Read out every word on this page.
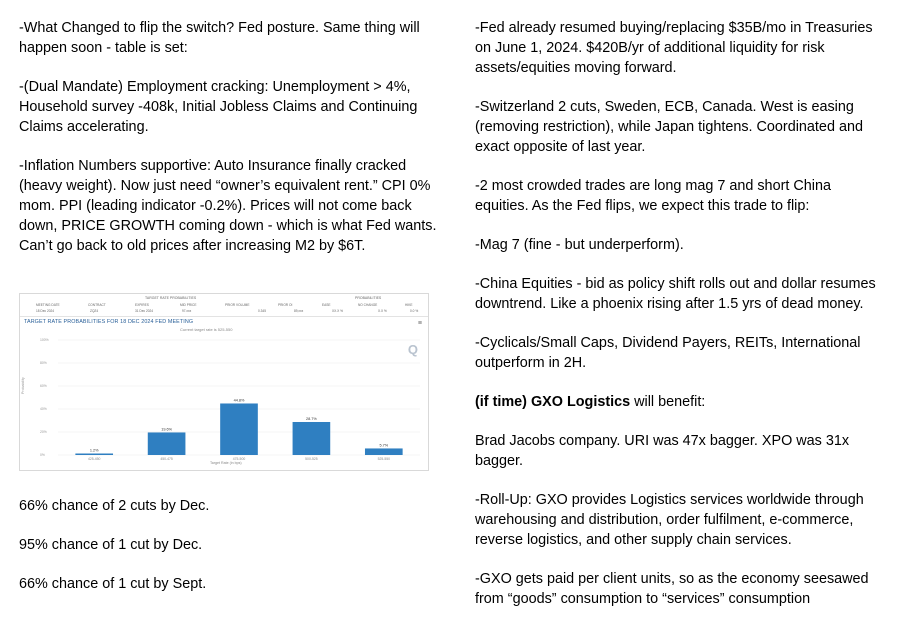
-What Changed to flip the switch? Fed posture. Same thing will happen soon - table is set:

-(Dual Mandate) Employment cracking: Unemployment > 4%, Household survey -408k, Initial Jobless Claims and Continuing Claims accelerating.

-Inflation Numbers supportive: Auto Insurance finally cracked (heavy weight). Now just need “owner’s equivalent rent.” CPI 0% mom. PPI (leading indicator -0.2%). Prices will not come back down, PRICE GROWTH coming down - which is what Fed wants. Can’t go back to old prices after increasing M2 by $6T.

TARGET RATE PROBABILITIES	PROBABILITIES
MEETING DATE	CONTRACT	EXPIRES	MID PRICE	PRIOR VOLUME	PRIOR OI	EASE	NO CHANGE	HIKE
18 Dec 2024	ZQZ4	31 Dec 2024	97.xxx	0.345	89,xxx	XX.X %	X.X %	0.0 %
TARGET RATE PROBABILITIES FOR 18 DEC 2024 FED MEETING
Current target rate is 525-550
≡
Q
Probability
Target Rate (in bps)
100%
80%
60%
40%
20%
0%
1.2%
425-450
19.6%
450-475
44.8%
475-500
28.7%
500-525
5.7%
525-550

66% chance of 2 cuts by Dec.

95% chance of 1 cut by Dec.

66% chance of 1 cut by Sept.

-Fed already resumed buying/replacing $35B/mo in Treasuries on June 1, 2024. $420B/yr of additional liquidity for risk assets/equities moving forward.

-Switzerland 2 cuts, Sweden, ECB, Canada. West is easing (removing restriction), while Japan tightens. Coordinated and exact opposite of last year.

-2 most crowded trades are long mag 7 and short China equities. As the Fed flips, we expect this trade to flip:

-Mag 7 (fine - but underperform).

-China Equities - bid as policy shift rolls out and dollar resumes downtrend. Like a phoenix rising after 1.5 yrs of dead money.

-Cyclicals/Small Caps, Dividend Payers, REITs, International outperform in 2H.

(if time) GXO Logistics will benefit:

Brad Jacobs company. URI was 47x bagger. XPO was 31x bagger.

-Roll-Up: GXO provides Logistics services worldwide through warehousing and distribution, order fulfilment, e-commerce, reverse logistics, and other supply chain services.

-GXO gets paid per client units, so as the economy seesawed from “goods” consumption to “services” consumption
